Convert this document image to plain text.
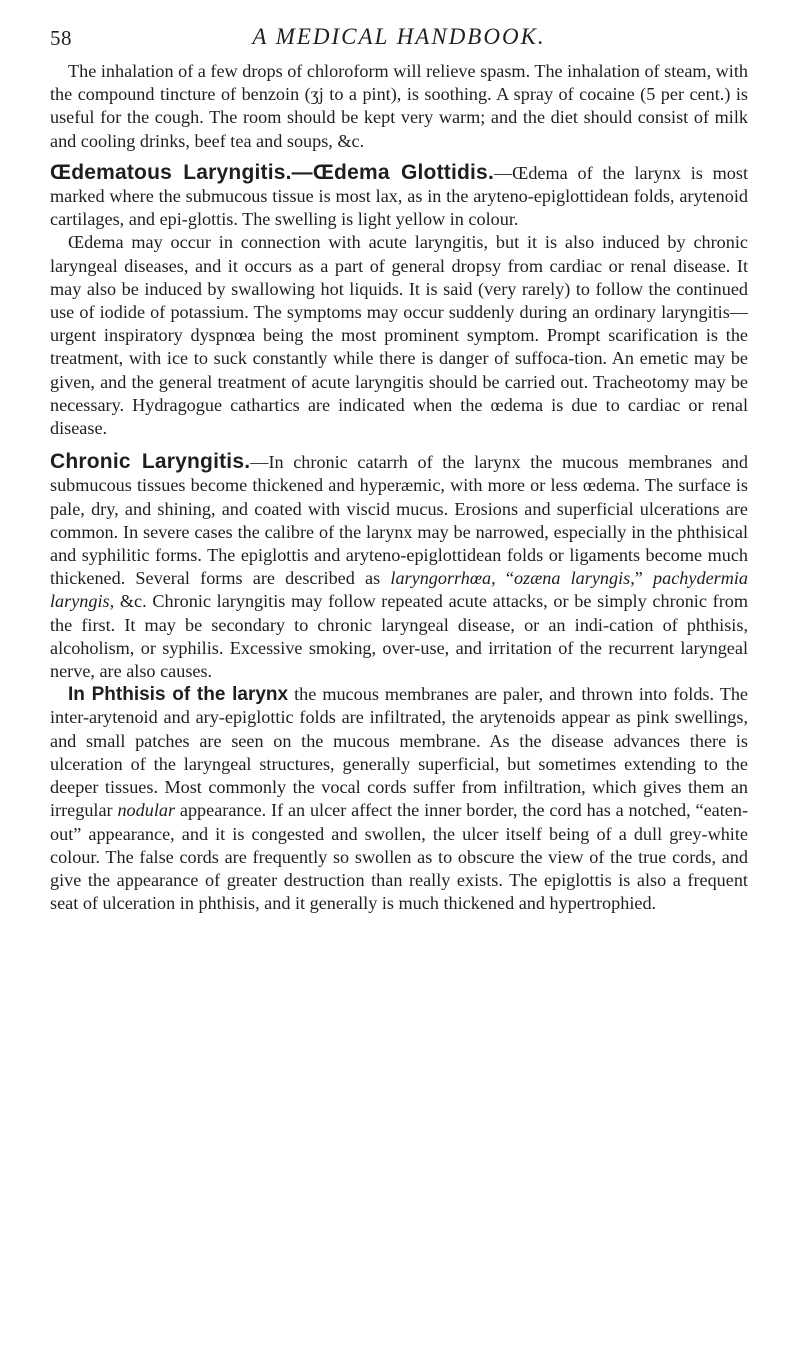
58	A MEDICAL HANDBOOK.

The inhalation of a few drops of chloroform will relieve spasm. The inhalation of steam, with the compound tincture of benzoin (ʒj to a pint), is soothing. A spray of cocaine (5 per cent.) is useful for the cough. The room should be kept very warm; and the diet should consist of milk and cooling drinks, beef tea and soups, &c.

Œdematous Laryngitis.—Œdema Glottidis.—Œdema of the larynx is most marked where the submucous tissue is most lax, as in the aryteno-epiglottidean folds, arytenoid cartilages, and epi-glottis. The swelling is light yellow in colour.

Œdema may occur in connection with acute laryngitis, but it is also induced by chronic laryngeal diseases, and it occurs as a part of general dropsy from cardiac or renal disease. It may also be induced by swallowing hot liquids. It is said (very rarely) to follow the continued use of iodide of potassium. The symptoms may occur suddenly during an ordinary laryngitis—urgent inspiratory dyspnœa being the most prominent symptom. Prompt scarification is the treatment, with ice to suck constantly while there is danger of suffoca-tion. An emetic may be given, and the general treatment of acute laryngitis should be carried out. Tracheotomy may be necessary. Hydragogue cathartics are indicated when the œdema is due to cardiac or renal disease.

Chronic Laryngitis.—In chronic catarrh of the larynx the mucous membranes and submucous tissues become thickened and hyperæmic, with more or less œdema. The surface is pale, dry, and shining, and coated with viscid mucus. Erosions and superficial ulcerations are common. In severe cases the calibre of the larynx may be narrowed, especially in the phthisical and syphilitic forms. The epiglottis and aryteno-epiglottidean folds or ligaments become much thickened. Several forms are described as laryngorrhœa, “ozæna laryngis,” pachydermia laryngis, &c. Chronic laryngitis may follow repeated acute attacks, or be simply chronic from the first. It may be secondary to chronic laryngeal disease, or an indi-cation of phthisis, alcoholism, or syphilis. Excessive smoking, over-use, and irritation of the recurrent laryngeal nerve, are also causes.

In Phthisis of the larynx the mucous membranes are paler, and thrown into folds. The inter-arytenoid and ary-epiglottic folds are infiltrated, the arytenoids appear as pink swellings, and small patches are seen on the mucous membrane. As the disease advances there is ulceration of the laryngeal structures, generally superficial, but sometimes extending to the deeper tissues. Most commonly the vocal cords suffer from infiltration, which gives them an irregular nodular appearance. If an ulcer affect the inner border, the cord has a notched, “eaten-out” appearance, and it is congested and swollen, the ulcer itself being of a dull grey-white colour. The false cords are frequently so swollen as to obscure the view of the true cords, and give the appearance of greater destruction than really exists. The epiglottis is also a frequent seat of ulceration in phthisis, and it generally is much thickened and hypertrophied.
